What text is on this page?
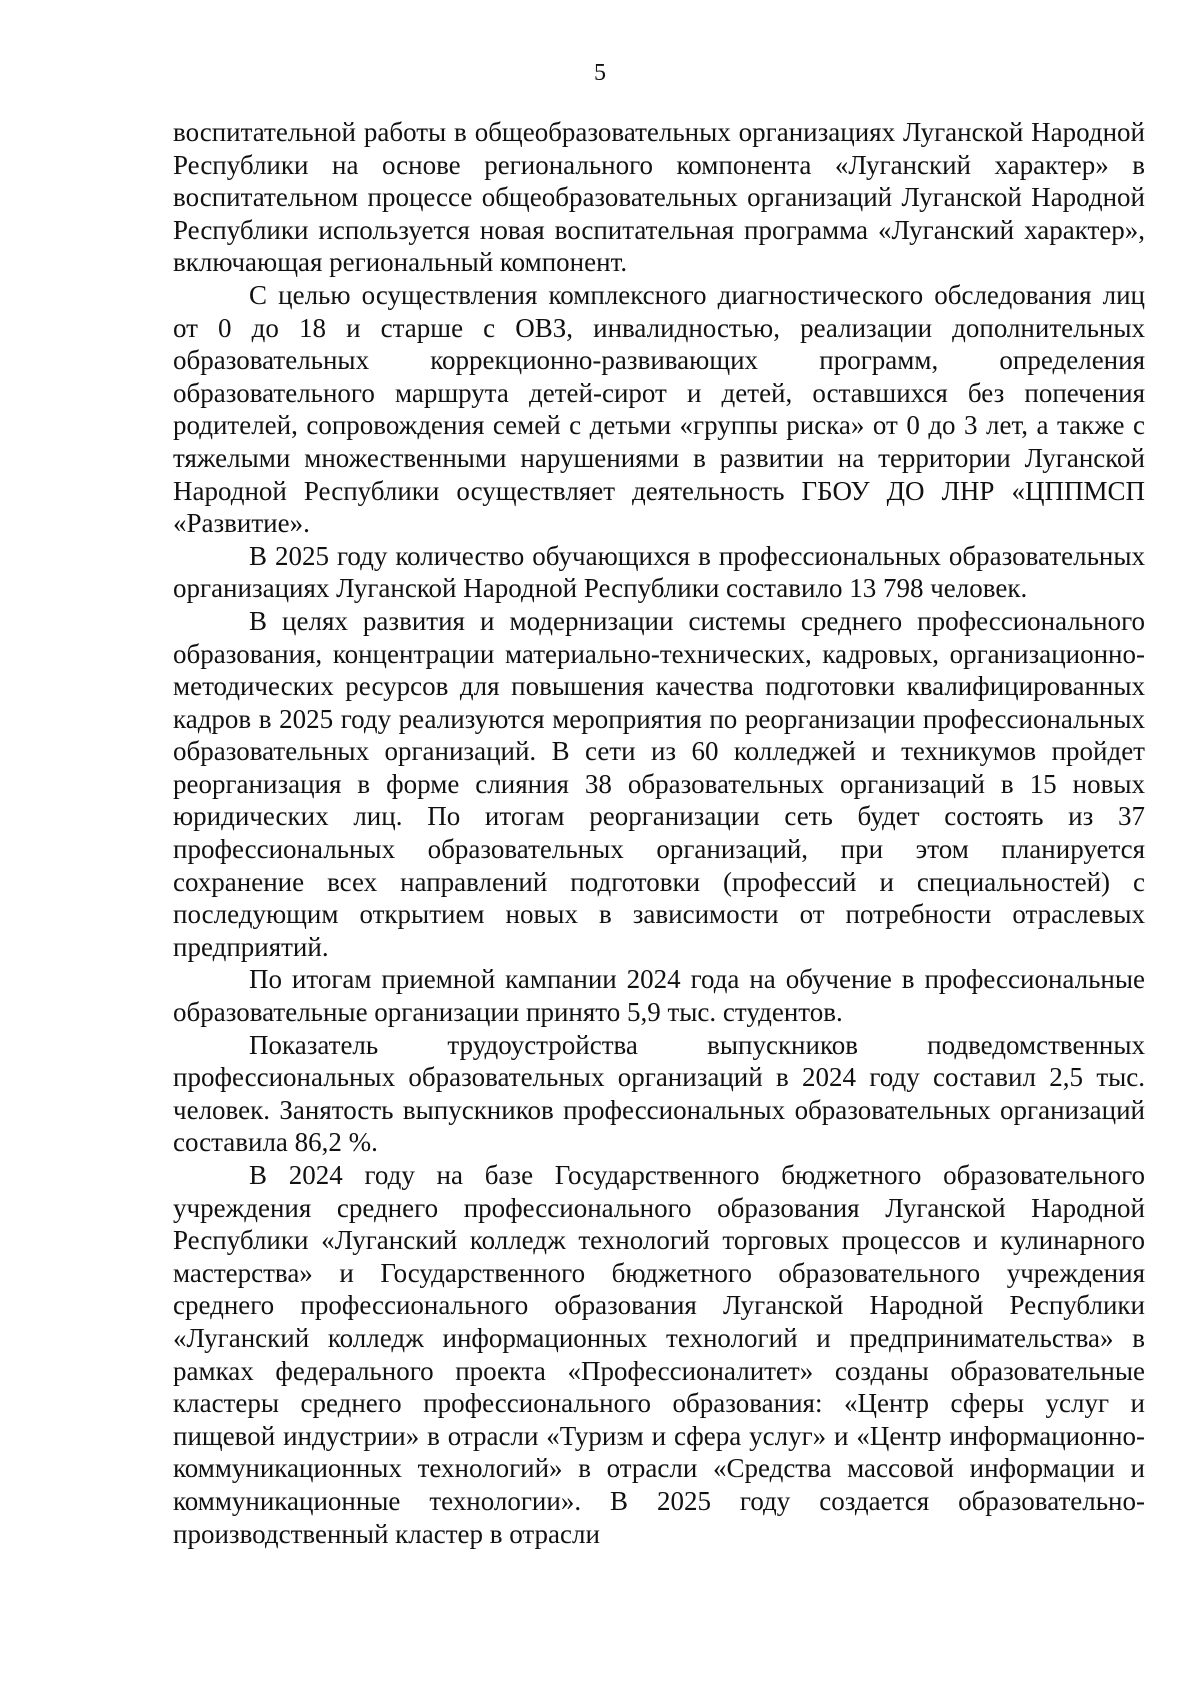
5

воспитательной работы в общеобразовательных организациях Луганской Народной Республики на основе регионального компонента «Луганский характер» в воспитательном процессе общеобразовательных организаций Луганской Народной Республики используется новая воспитательная программа «Луганский характер», включающая региональный компонент.

С целью осуществления комплексного диагностического обследования лиц от 0 до 18 и старше с ОВЗ, инвалидностью, реализации дополнительных образовательных коррекционно-развивающих программ, определения образовательного маршрута детей-сирот и детей, оставшихся без попечения родителей, сопровождения семей с детьми «группы риска» от 0 до 3 лет, а также с тяжелыми множественными нарушениями в развитии на территории Луганской Народной Республики осуществляет деятельность ГБОУ ДО ЛНР «ЦППМСП «Развитие».

В 2025 году количество обучающихся в профессиональных образовательных организациях Луганской Народной Республики составило 13 798 человек.

В целях развития и модернизации системы среднего профессионального образования, концентрации материально-технических, кадровых, организационно-методических ресурсов для повышения качества подготовки квалифицированных кадров в 2025 году реализуются мероприятия по реорганизации профессиональных образовательных организаций. В сети из 60 колледжей и техникумов пройдет реорганизация в форме слияния 38 образовательных организаций в 15 новых юридических лиц. По итогам реорганизации сеть будет состоять из 37 профессиональных образовательных организаций, при этом планируется сохранение всех направлений подготовки (профессий и специальностей) с последующим открытием новых в зависимости от потребности отраслевых предприятий.

По итогам приемной кампании 2024 года на обучение в профессиональные образовательные организации принято 5,9 тыс. студентов.

Показатель трудоустройства выпускников подведомственных профессиональных образовательных организаций в 2024 году составил 2,5 тыс. человек. Занятость выпускников профессиональных образовательных организаций составила 86,2 %.

В 2024 году на базе Государственного бюджетного образовательного учреждения среднего профессионального образования Луганской Народной Республики «Луганский колледж технологий торговых процессов и кулинарного мастерства» и Государственного бюджетного образовательного учреждения среднего профессионального образования Луганской Народной Республики «Луганский колледж информационных технологий и предпринимательства» в рамках федерального проекта «Профессионалитет» созданы образовательные кластеры среднего профессионального образования: «Центр сферы услуг и пищевой индустрии» в отрасли «Туризм и сфера услуг» и «Центр информационно-коммуникационных технологий» в отрасли «Средства массовой информации и коммуникационные технологии». В 2025 году создается образовательно-производственный кластер в отрасли
